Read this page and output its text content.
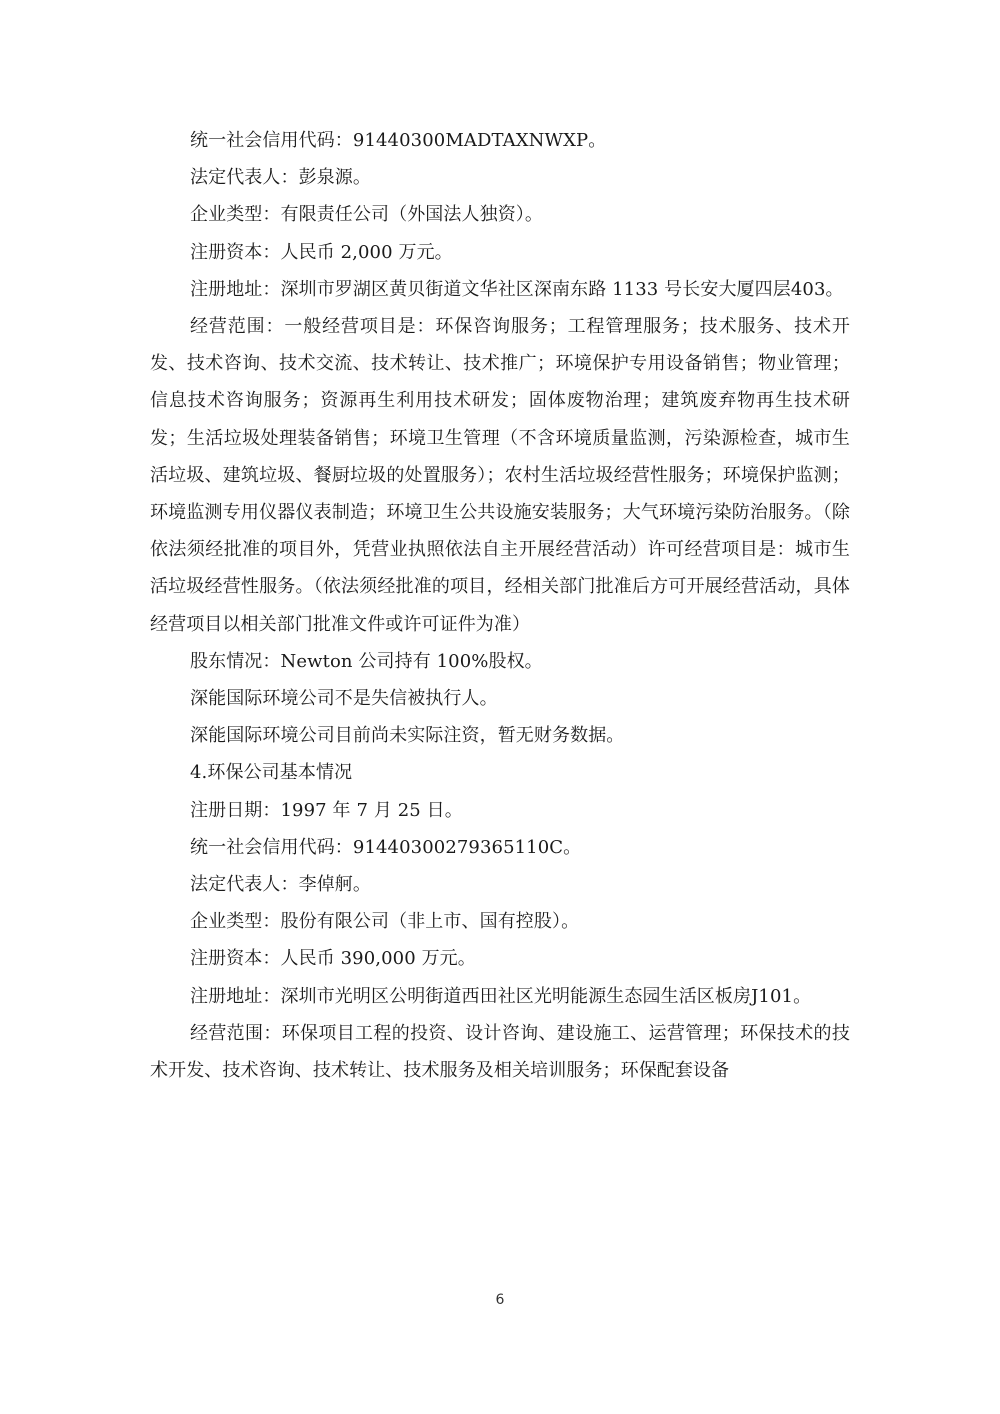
统一社会信用代码：91440300MADTAXNWXP。

法定代表人：彭泉源。

企业类型：有限责任公司（外国法人独资）。

注册资本：人民币 2,000 万元。

注册地址：深圳市罗湖区黄贝街道文华社区深南东路 1133 号长安大厦四层403。

经营范围：一般经营项目是：环保咨询服务；工程管理服务；技术服务、技术开发、技术咨询、技术交流、技术转让、技术推广；环境保护专用设备销售；物业管理；信息技术咨询服务；资源再生利用技术研发；固体废物治理；建筑废弃物再生技术研发；生活垃圾处理装备销售；环境卫生管理（不含环境质量监测，污染源检查，城市生活垃圾、建筑垃圾、餐厨垃圾的处置服务）；农村生活垃圾经营性服务；环境保护监测；环境监测专用仪器仪表制造；环境卫生公共设施安装服务；大气环境污染防治服务。（除依法须经批准的项目外，凭营业执照依法自主开展经营活动）许可经营项目是：城市生活垃圾经营性服务。（依法须经批准的项目，经相关部门批准后方可开展经营活动，具体经营项目以相关部门批准文件或许可证件为准）

股东情况：Newton 公司持有 100%股权。

深能国际环境公司不是失信被执行人。

深能国际环境公司目前尚未实际注资，暂无财务数据。

4.环保公司基本情况

注册日期：1997 年 7 月 25 日。

统一社会信用代码：91440300279365110C。

法定代表人：李倬舸。

企业类型：股份有限公司（非上市、国有控股）。

注册资本：人民币 390,000 万元。

注册地址：深圳市光明区公明街道西田社区光明能源生态园生活区板房J101。

经营范围：环保项目工程的投资、设计咨询、建设施工、运营管理；环保技术的技术开发、技术咨询、技术转让、技术服务及相关培训服务；环保配套设备

6
